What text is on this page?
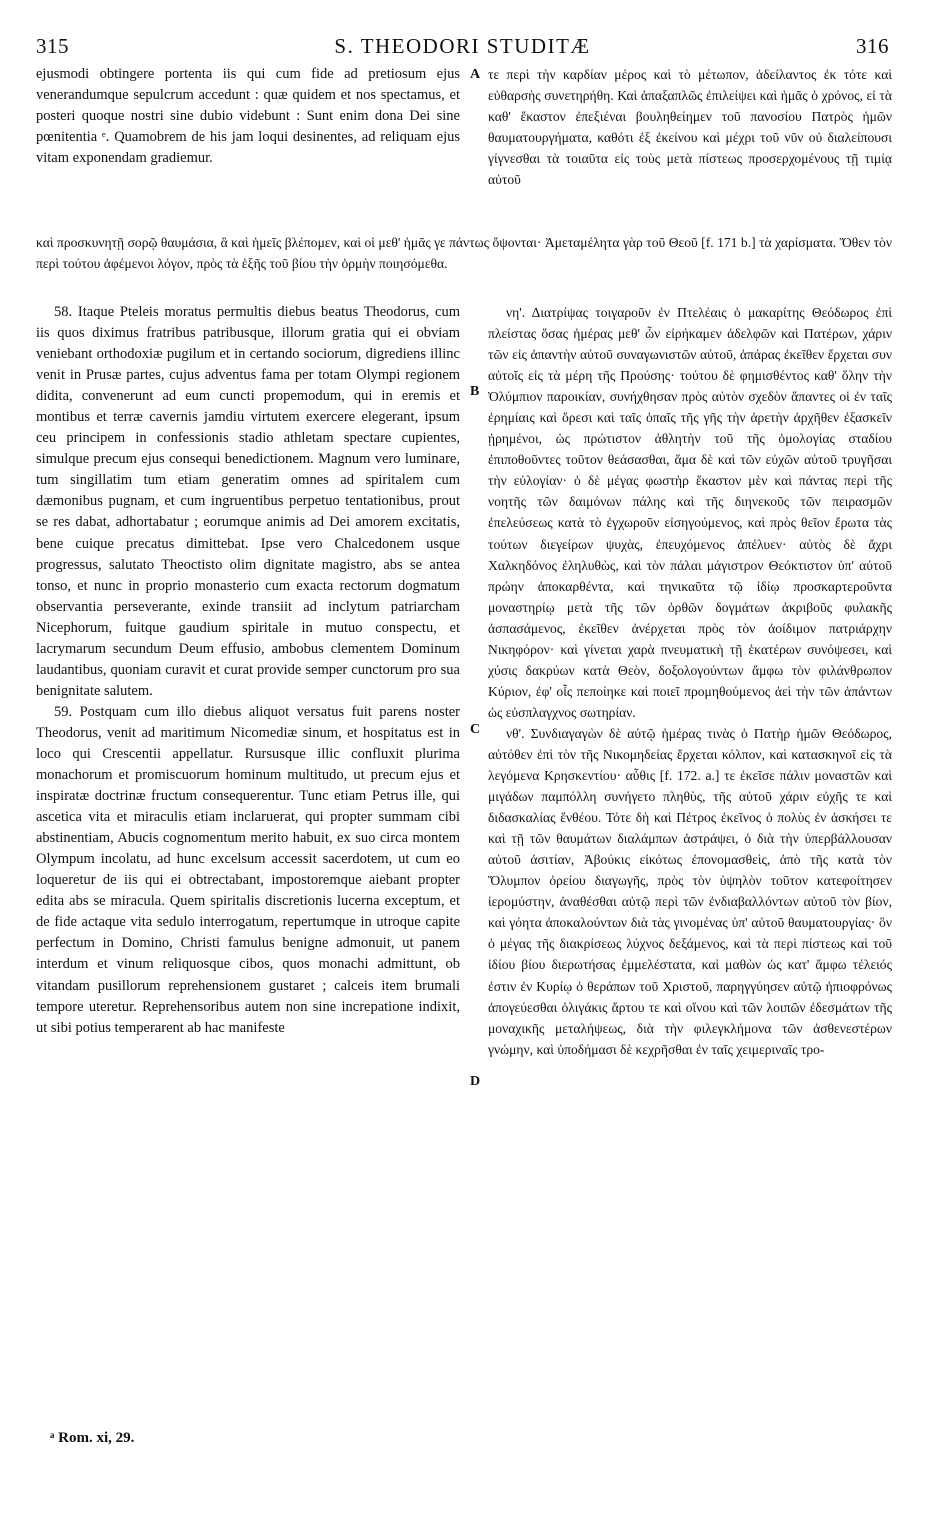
315	S. THEODORI STUDITÆ	316

ejusmodi obtingere portenta iis qui cum fide ad pretiosum ejus venerandumque sepulcrum accedunt : quæ quidem et nos spectamus, et posteri quoque nostri sine dubio videbunt : Sunt enim dona Dei sine pœnitentia ᵉ. Quamobrem de his jam loqui desinentes, ad reliquam ejus vitam exponendam gradiemur.

τε περὶ τὴν καρδίαν μέρος καὶ τὸ μέτωπον, ἀδείλαντος ἐκ τότε καὶ εὐθαρσὴς συνετηρήθη. Καὶ ἁπαξαπλῶς ἐπιλείψει καὶ ἡμᾶς ὁ χρόνος, εἰ τὰ καθ' ἕκαστον ἐπεξιέναι βουληθείημεν τοῦ πανοσίου Πατρὸς ἡμῶν θαυματουργήματα, καθότι ἐξ ἐκείνου καὶ μέχρι τοῦ νῦν οὐ διαλείπουσι γίγνεσθαι τὰ τοιαῦτα εἰς τοὺς μετὰ πίστεως προσερχομένους τῇ τιμίᾳ αὐτοῦ

καὶ προσκυνητῇ σορῷ θαυμάσια, ἃ καὶ ἡμεῖς βλέπομεν, καὶ οἱ μεθ' ἡμᾶς γε πάντως ὄψονται· Ἀμεταμέλητα γὰρ τοῦ Θεοῦ [f. 171 b.] τὰ χαρίσματα. Ὅθεν τὸν περὶ τούτου ἀφέμενοι λόγον, πρὸς τὰ ἑξῆς τοῦ βίου τὴν ὁρμὴν ποιησόμεθα.

58. Itaque Pteleis moratus permultis diebus beatus Theodorus, cum iis quos diximus fratribus patribusque, illorum gratia qui ei obviam veniebant orthodoxiæ pugilum et in certando sociorum, digrediens illinc venit in Prusæ partes, cujus adventus fama per totam Olympi regionem didita, convenerunt ad eum cuncti propemodum, qui in eremis et montibus et terræ cavernis jamdiu virtutem exercere elegerant, ipsum ceu principem in confessionis stadio athletam spectare cupientes, simulque precum ejus consequi benedictionem. Magnum vero luminare, tum singillatim tum etiam generatim omnes ad spiritalem cum dæmonibus pugnam, et cum ingruentibus perpetuo tentationibus, prout se res dabat, adhortabatur ; eorumque animis ad Dei amorem excitatis, bene cuique precatus dimittebat. Ipse vero Chalcedonem usque progressus, salutato Theoctisto olim dignitate magistro, abs se antea tonso, et nunc in proprio monasterio cum exacta rectorum dogmatum observantia perseverante, exinde transiit ad inclytum patriarcham Nicephorum, fuitque gaudium spiritale in mutuo conspectu, et lacrymarum secundum Deum effusio, ambobus clementem Dominum laudantibus, quoniam curavit et curat provide semper cunctorum pro sua benignitate salutem.

59. Postquam cum illo diebus aliquot versatus fuit parens noster Theodorus, venit ad maritimum Nicomediæ sinum, et hospitatus est in loco qui Crescentii appellatur. Rursusque illic confluxit plurima monachorum et promiscuorum hominum multitudo, ut precum ejus et inspiratæ doctrinæ fructum consequerentur. Tunc etiam Petrus ille, qui ascetica vita et miraculis etiam inclaruerat, qui propter summam cibi abstinentiam, Abucis cognomentum merito habuit, ex suo circa montem Olympum incolatu, ad hunc excelsum accessit sacerdotem, ut cum eo loqueretur de iis qui ei obtrectabant, impostoremque aiebant propter edita abs se miracula. Quem spiritalis discretionis lucerna exceptum, et de fide actaque vita sedulo interrogatum, repertumque in utroque capite perfectum in Domino, Christi famulus benigne admonuit, ut panem interdum et vinum reliquosque cibos, quos monachi admittunt, ob vitandam pusillorum reprehensionem gustaret ; calceis item brumali tempore uteretur. Reprehensoribus autem non sine increpatione indixit, ut sibi potius temperarent ab hac manifeste

νη'. Διατρίψας τοιγαροῦν ἐν Πτελέαις ὁ μακαρίτης Θεόδωρος ἐπὶ πλείστας ὅσας ἡμέρας μεθ' ὧν εἰρήκαμεν ἀδελφῶν καὶ Πατέρων, χάριν τῶν εἰς ἀπαντὴν αὐτοῦ συναγωνιστῶν αὐτοῦ, ἀπάρας ἐκεῖθεν ἔρχεται συν αὐτοῖς εἰς τὰ μέρη τῆς Προύσης· τούτου δὲ φημισθέντος καθ' ὅλην τὴν Ὀλύμπιον παροικίαν, συνήχθησαν πρὸς αὐτὸν σχεδὸν ἅπαντες οἱ ἐν ταῖς ἐρημίαις καὶ ὄρεσι καὶ ταῖς ὀπαῖς τῆς γῆς τὴν ἀρετὴν ἀρχῆθεν ἐξασκεῖν ᾑρημένοι, ὡς πρώτιστον ἀθλητὴν τοῦ τῆς ὁμολογίας σταδίου ἐπιποθοῦντες τοῦτον θεάσασθαι, ἅμα δὲ καὶ τῶν εὐχῶν αὐτοῦ τρυγῆσαι τὴν εὐλογίαν· ὁ δὲ μέγας φωστὴρ ἕκαστον μὲν καὶ πάντας περὶ τῆς νοητῆς τῶν δαιμόνων πάλης καὶ τῆς διηνεκοῦς τῶν πειρασμῶν ἐπελεύσεως κατὰ τὸ ἐγχωροῦν εἰσηγούμενος, καὶ πρὸς θεῖον ἔρωτα τὰς τούτων διεγείρων ψυχὰς, ἐπευχόμενος ἀπέλυεν· αὐτὸς δὲ ἄχρι Χαλκηδόνος ἐληλυθὼς, καὶ τὸν πάλαι μάγιστρον Θεόκτιστον ὑπ' αὐτοῦ πρώην ἀποκαρθέντα, καὶ τηνικαῦτα τῷ ἰδίῳ προσκαρτεροῦντα μοναστηρίῳ μετὰ τῆς τῶν ὀρθῶν δογμάτων ἀκριβοῦς φυλακῆς ἀσπασάμενος, ἐκεῖθεν ἀνέρχεται πρὸς τὸν ἀοίδιμον πατριάρχην Νικηφόρον· καὶ γίνεται χαρὰ πνευματικὴ τῇ ἑκατέρων συνόψεσει, καὶ χύσις δακρύων κατὰ Θεὸν, δοξολογούντων ἄμφω τὸν φιλάνθρωπον Κύριον, ἐφ' οἷς πεποίηκε καὶ ποιεῖ προμηθούμενος ἀεὶ τὴν τῶν ἁπάντων ὡς εὐσπλαγχνος σωτηρίαν.

νθ'. Συνδιαγαγὼν δὲ αὐτῷ ἡμέρας τινὰς ὁ Πατὴρ ἡμῶν Θεόδωρος, αὐτόθεν ἐπὶ τὸν τῆς Νικομηδείας ἔρχεται κόλπον, καὶ κατασκηνοῖ εἰς τὰ λεγόμενα Κρησκεντίου· αὖθις [f. 172. a.] τε ἐκεῖσε πάλιν μοναστῶν καὶ μιγάδων παμπόλλη συνήγετο πληθὺς, τῆς αὐτοῦ χάριν εὐχῆς τε καὶ διδασκαλίας ἔνθέου. Τότε δὴ καὶ Πέτρος ἐκεῖνος ὁ πολὺς ἐν ἀσκήσει τε καὶ τῇ τῶν θαυμάτων διαλάμπων ἀστράψει, ὁ διὰ τὴν ὑπερβάλλουσαν αὐτοῦ ἀσιτίαν, Ἀβούκις εἰκότως ἐπονομασθεὶς, ἀπὸ τῆς κατὰ τὸν Ὄλυμπον ὀρείου διαγωγῆς, πρὸς τὸν ὑψηλὸν τοῦτον κατεφοίτησεν ἱερομύστην, ἀναθέσθαι αὐτῷ περὶ τῶν ἐνδιαβαλλόντων αὐτοῦ τὸν βίον, καὶ γόητα ἀποκαλούντων διὰ τὰς γινομένας ὑπ' αὐτοῦ θαυματουργίας· ὃν ὁ μέγας τῆς διακρίσεως λύχνος δεξάμενος, καὶ τὰ περὶ πίστεως καὶ τοῦ ἰδίου βίου διερωτήσας ἐμμελέστατα, καὶ μαθὼν ὡς κατ' ἄμφω τέλειός ἐστιν ἐν Κυρίῳ ὁ θεράπων τοῦ Χριστοῦ, παρηγγύησεν αὐτῷ ἠπιοφρόνως ἀπογεύεσθαι ὀλιγάκις ἄρτου τε καὶ οἴνου καὶ τῶν λοιπῶν ἐδεσμάτων τῆς μοναχικῆς μεταλήψεως, διὰ τὴν φιλεγκλήμονα τῶν ἀσθενεστέρων γνώμην, καὶ ὑποδήμασι δὲ κεχρῆσθαι ἐν ταῖς χειμεριναῖς τρο-

A
B
C
D
ᵃ Rom. xi, 29.
